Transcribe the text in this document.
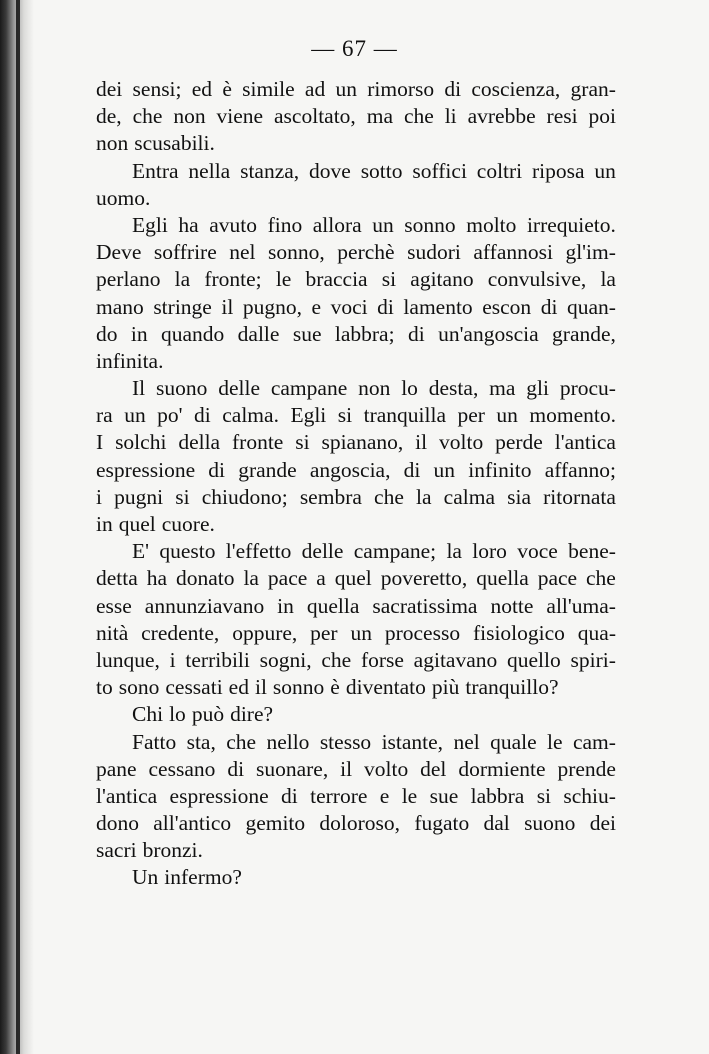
— 67 —
dei sensi; ed è simile ad un rimorso di coscienza, gran-
de, che non viene ascoltato, ma che li avrebbe resi poi
non scusabili.
Entra nella stanza, dove sotto soffici coltri riposa un
uomo.
Egli ha avuto fino allora un sonno molto irrequieto.
Deve soffrire nel sonno, perchè sudori affannosi gl'im-
perlano la fronte; le braccia si agitano convulsive, la
mano stringe il pugno, e voci di lamento escon di quan-
do in quando dalle sue labbra; di un'angoscia grande,
infinita.
Il suono delle campane non lo desta, ma gli procu-
ra un po' di calma. Egli si tranquilla per un momento.
I solchi della fronte si spianano, il volto perde l'antica
espressione di grande angoscia, di un infinito affanno;
i pugni si chiudono; sembra che la calma sia ritornata
in quel cuore.
E' questo l'effetto delle campane; la loro voce bene-
detta ha donato la pace a quel poveretto, quella pace che
esse annunziavano in quella sacratissima notte all'uma-
nità credente, oppure, per un processo fisiologico qua-
lunque, i terribili sogni, che forse agitavano quello spiri-
to sono cessati ed il sonno è diventato più tranquillo?
Chi lo può dire?
Fatto sta, che nello stesso istante, nel quale le cam-
pane cessano di suonare, il volto del dormiente prende
l'antica espressione di terrore e le sue labbra si schiu-
dono all'antico gemito doloroso, fugato dal suono dei
sacri bronzi.
Un infermo?
